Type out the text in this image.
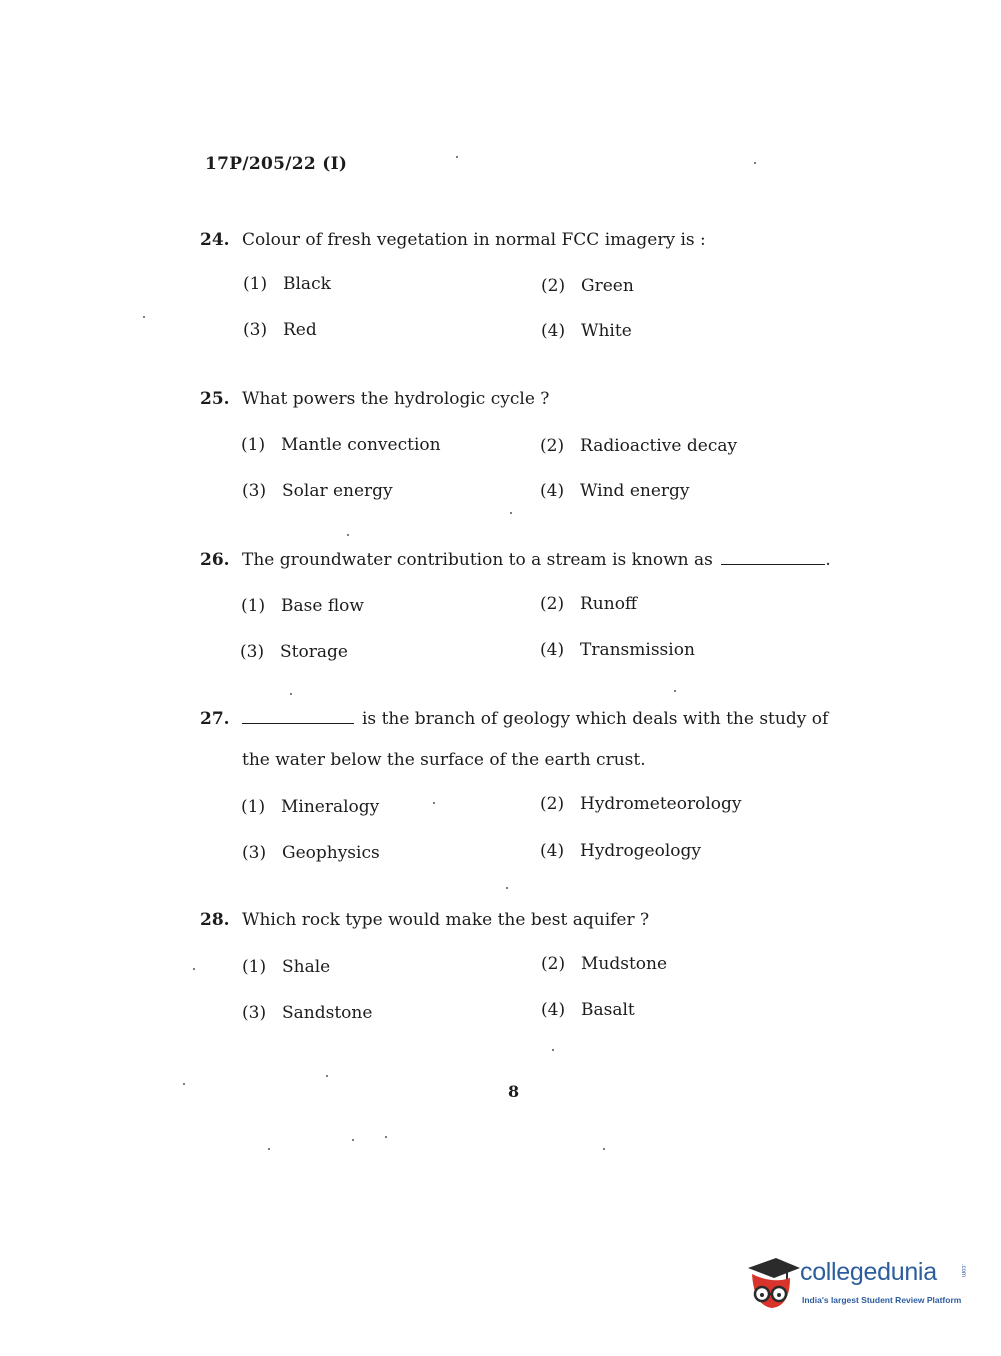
17P/205/22 (I)
24. Colour of fresh vegetation in normal FCC imagery is :
(1) Black	(2) Green
(3) Red	(4) White
25. What powers the hydrologic cycle ?
(1) Mantle convection	(2) Radioactive decay
(3) Solar energy	(4) Wind energy
26. The groundwater contribution to a stream is known as	.
(1) Base flow	(2) Runoff
(3) Storage	(4) Transmission
27.	is the branch of geology which deals with the study of
the water below the surface of the earth crust.
(1) Mineralogy	(2) Hydrometeorology
(3) Geophysics	(4) Hydrogeology
28. Which rock type would make the best aquifer ?
(1) Shale	(2) Mudstone
(3) Sandstone	(4) Basalt
8
collegedunia	.com
India's largest Student Review Platform
